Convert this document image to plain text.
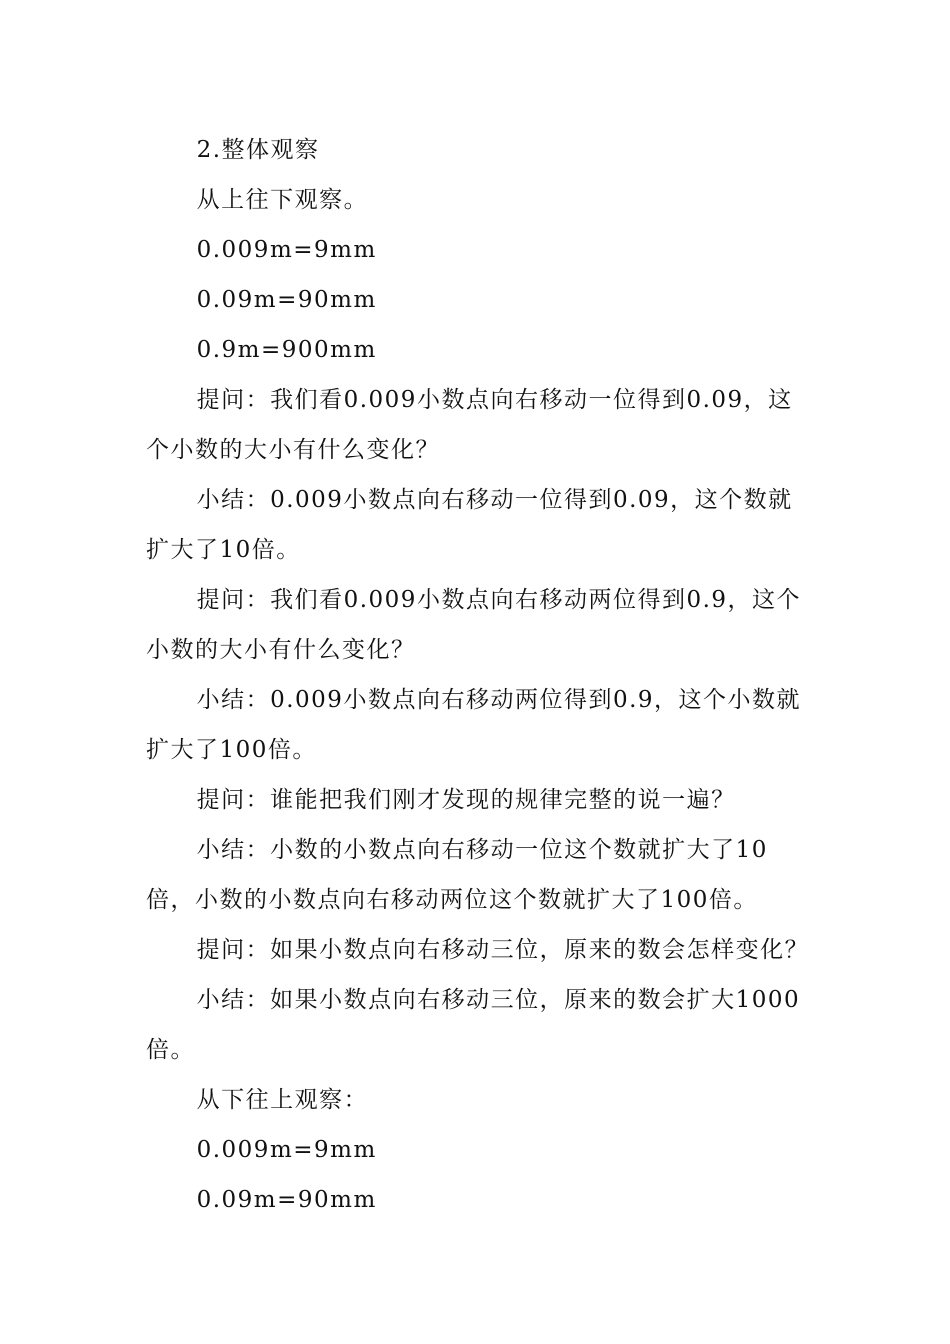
2.整体观察

从上往下观察。

0.009m=9mm

0.09m=90mm

0.9m=900mm

提问：我们看0.009小数点向右移动一位得到0.09，这个小数的大小有什么变化？

小结：0.009小数点向右移动一位得到0.09，这个数就扩大了10倍。

提问：我们看0.009小数点向右移动两位得到0.9，这个小数的大小有什么变化？

小结：0.009小数点向右移动两位得到0.9，这个小数就扩大了100倍。

提问：谁能把我们刚才发现的规律完整的说一遍？

小结：小数的小数点向右移动一位这个数就扩大了10倍，小数的小数点向右移动两位这个数就扩大了100倍。

提问：如果小数点向右移动三位，原来的数会怎样变化？

小结：如果小数点向右移动三位，原来的数会扩大1000倍。

从下往上观察：

0.009m=9mm

0.09m=90mm
